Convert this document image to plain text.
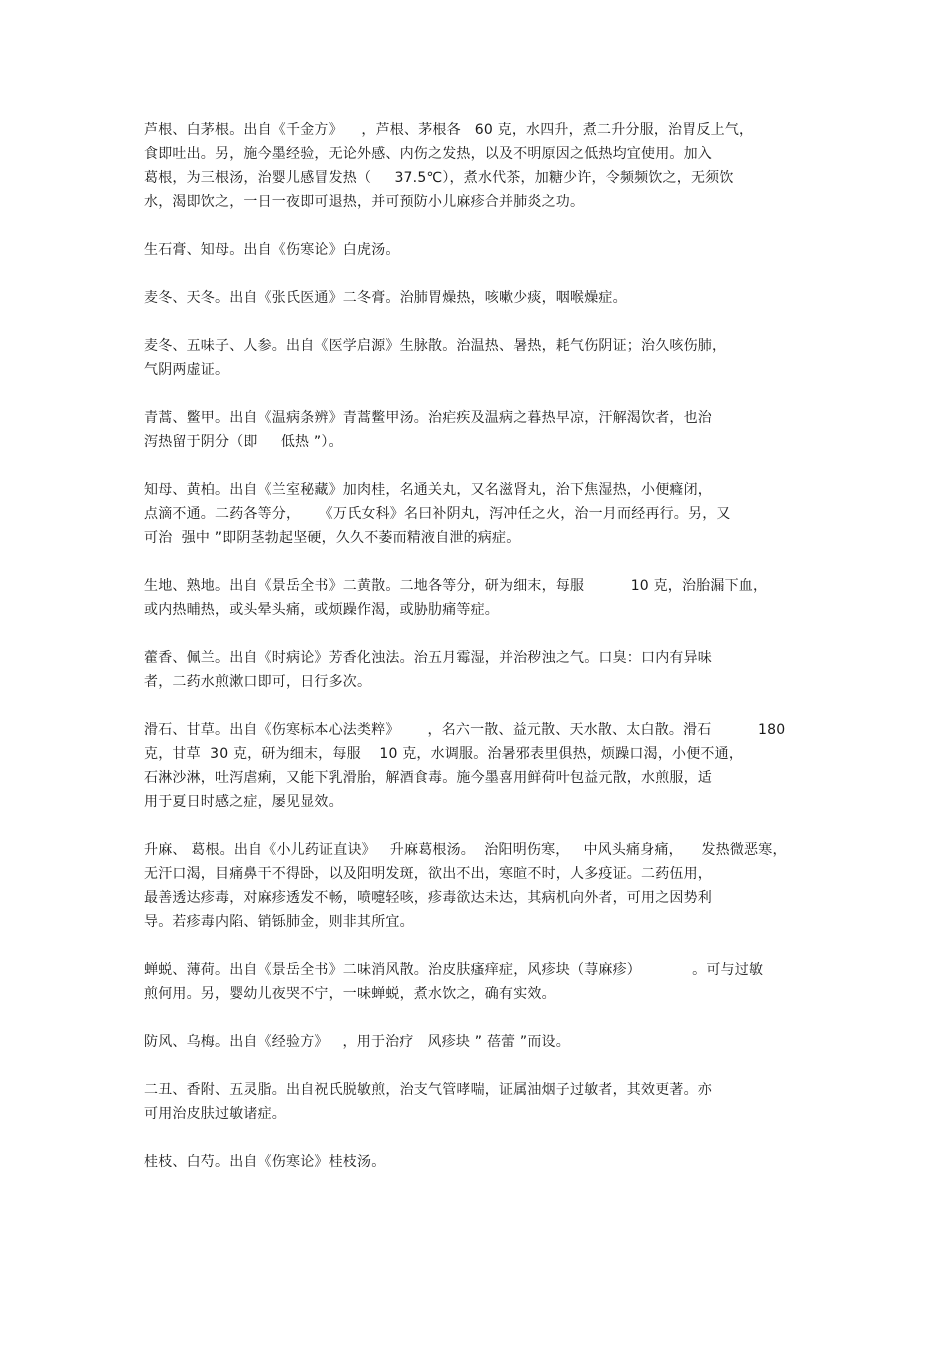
芦根、白茅根。出自《千金方》    ，芦根、茅根各   60 克，水四升，煮二升分服，治胃反上气，
食即吐出。另，施今墨经验，无论外感、内伤之发热，以及不明原因之低热均宜使用。加入
葛根，为三根汤，治婴儿感冒发热（     37.5℃），煮水代茶，加糖少许，令频频饮之，无须饮
水，渴即饮之，一日一夜即可退热，并可预防小儿麻疹合并肺炎之功。
生石膏、知母。出自《伤寒论》白虎汤。
麦冬、天冬。出自《张氏医通》二冬膏。治肺胃燥热，咳嗽少痰，咽喉燥症。
麦冬、五味子、人参。出自《医学启源》生脉散。治温热、暑热，耗气伤阴证；治久咳伤肺，
气阴两虚证。
青蒿、鳖甲。出自《温病条辨》青蒿鳖甲汤。治疟疾及温病之暮热早凉，汗解渴饮者，也治
泻热留于阴分（即     低热 ”）。
知母、黄柏。出自《兰室秘藏》加肉桂，名通关丸，又名滋肾丸，治下焦湿热，小便癃闭，
点滴不通。二药各等分，    《万氏女科》名曰补阴丸，泻冲任之火，治一月而经再行。另，又
可治  强中 ”即阴茎勃起坚硬，久久不萎而精液自泄的病症。
生地、熟地。出自《景岳全书》二黄散。二地各等分，研为细末，每服          10 克，治胎漏下血，
或内热晡热，或头晕头痛，或烦躁作渴，或胁肋痛等症。
藿香、佩兰。出自《时病论》芳香化浊法。治五月霉湿，并治秽浊之气。口臭：口内有异味
者，二药水煎漱口即可，日行多次。
滑石、甘草。出自《伤寒标本心法类粹》      ，名六一散、益元散、天水散、太白散。滑石          180
克，甘草  30 克，研为细末，每服    10 克，水调服。治暑邪表里俱热，烦躁口渴，小便不通，
石淋沙淋，吐泻虐痢，又能下乳滑胎，解酒食毒。施今墨喜用鲜荷叶包益元散，水煎服，适
用于夏日时感之症，屡见显效。
升麻、 葛根。出自《小儿药证直诀》   升麻葛根汤。  治阳明伤寒，   中风头痛身痛，    发热微恶寒，
无汗口渴，目痛鼻干不得卧，以及阳明发斑，欲出不出，寒暄不时，人多疫证。二药伍用，
最善透达疹毒，对麻疹透发不畅，喷嚏轻咳，疹毒欲达未达，其病机向外者，可用之因势利
导。若疹毒内陷、销铄肺金，则非其所宜。
蝉蜕、薄荷。出自《景岳全书》二味消风散。治皮肤瘙痒症，风疹块（荨麻疹）           。可与过敏
煎何用。另，婴幼儿夜哭不宁，一味蝉蜕，煮水饮之，确有实效。
防风、乌梅。出自《经验方》   ，用于治疗   风疹块 ” 蓓蕾 ”而设。
二丑、香附、五灵脂。出自祝氏脱敏煎，治支气管哮喘，证属油烟子过敏者，其效更著。亦
可用治皮肤过敏诸症。
桂枝、白芍。出自《伤寒论》桂枝汤。
